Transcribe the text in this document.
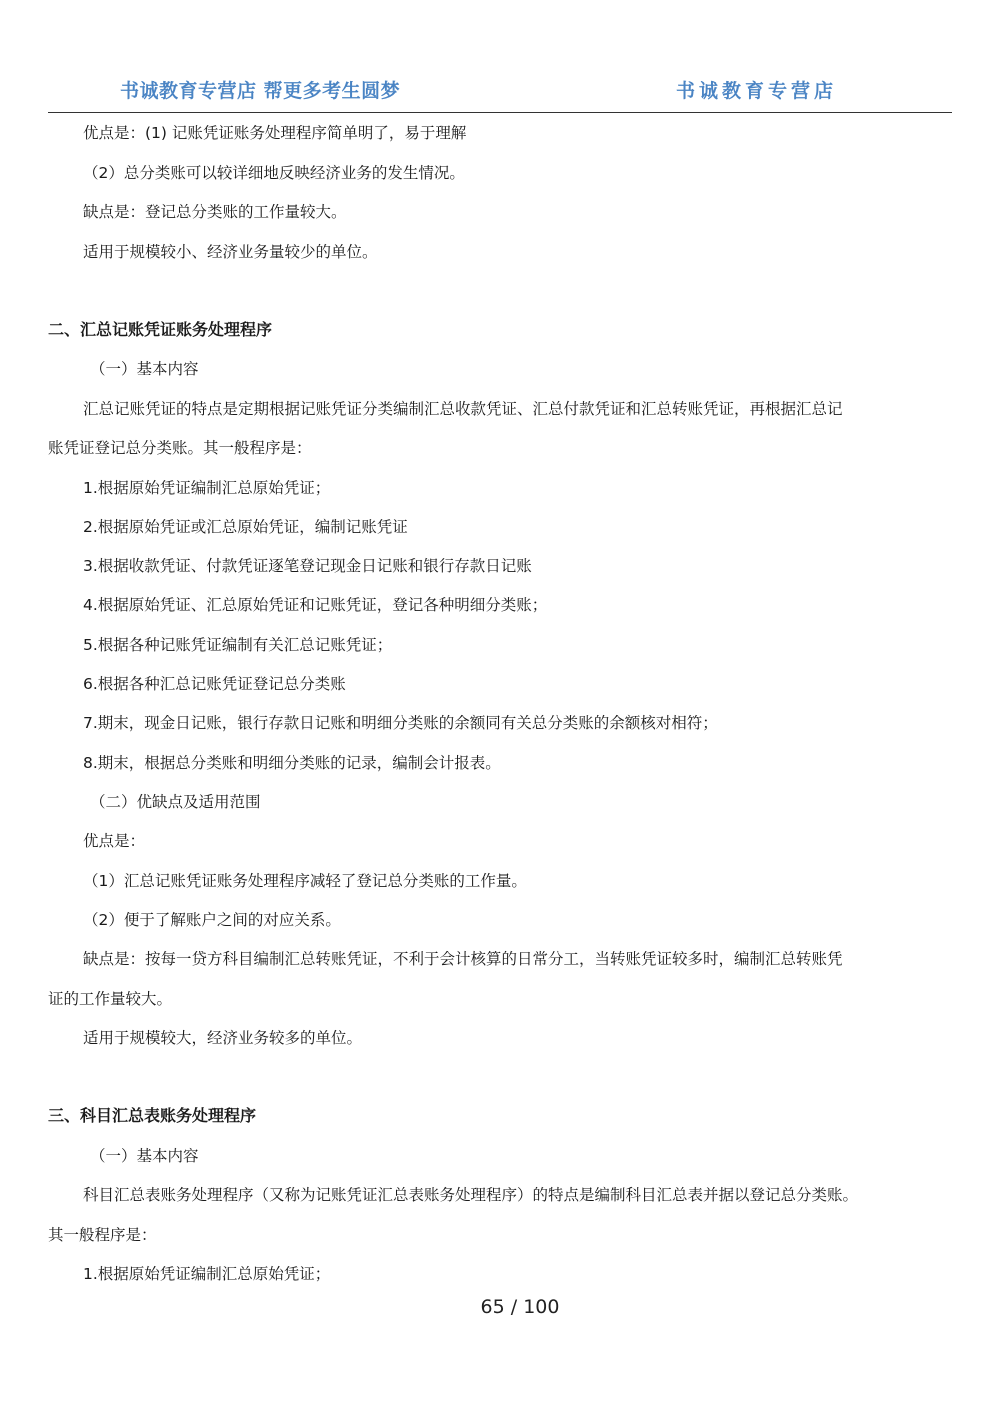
书诚教育专营店 帮更多考生圆梦	书诚教育专营店
优点是：(1) 记账凭证账务处理程序简单明了，易于理解
（2）总分类账可以较详细地反映经济业务的发生情况。
缺点是：登记总分类账的工作量较大。
适用于规模较小、经济业务量较少的单位。
二、汇总记账凭证账务处理程序
（一）基本内容
汇总记账凭证的特点是定期根据记账凭证分类编制汇总收款凭证、汇总付款凭证和汇总转账凭证，再根据汇总记
账凭证登记总分类账。其一般程序是：
1.根据原始凭证编制汇总原始凭证；
2.根据原始凭证或汇总原始凭证，编制记账凭证
3.根据收款凭证、付款凭证逐笔登记现金日记账和银行存款日记账
4.根据原始凭证、汇总原始凭证和记账凭证，登记各种明细分类账；
5.根据各种记账凭证编制有关汇总记账凭证；
6.根据各种汇总记账凭证登记总分类账
7.期末，现金日记账，银行存款日记账和明细分类账的余额同有关总分类账的余额核对相符；
8.期末，根据总分类账和明细分类账的记录，编制会计报表。
（二）优缺点及适用范围
优点是：
（1）汇总记账凭证账务处理程序减轻了登记总分类账的工作量。
（2）便于了解账户之间的对应关系。
缺点是：按每一贷方科目编制汇总转账凭证，不利于会计核算的日常分工，当转账凭证较多时，编制汇总转账凭
证的工作量较大。
适用于规模较大，经济业务较多的单位。
三、科目汇总表账务处理程序
（一）基本内容
科目汇总表账务处理程序（又称为记账凭证汇总表账务处理程序）的特点是编制科目汇总表并据以登记总分类账。
其一般程序是：
1.根据原始凭证编制汇总原始凭证；
65 / 100
